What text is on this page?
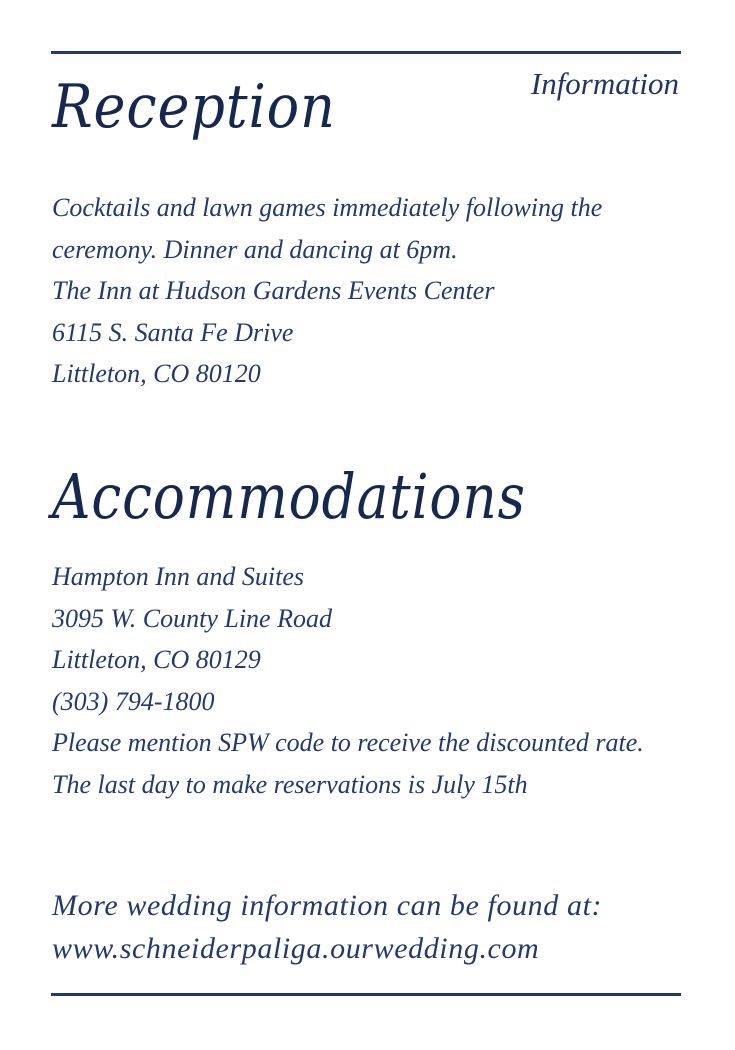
Information
Reception
Cocktails and lawn games immediately following the
ceremony. Dinner and dancing at 6pm.
The Inn at Hudson Gardens Events Center
6115 S. Santa Fe Drive
Littleton, CO 80120
Accommodations
Hampton Inn and Suites
3095 W. County Line Road
Littleton, CO 80129
(303) 794-1800
Please mention SPW code to receive the discounted rate.
The last day to make reservations is July 15th
More wedding information can be found at:
www.schneiderpaliga.ourwedding.com
